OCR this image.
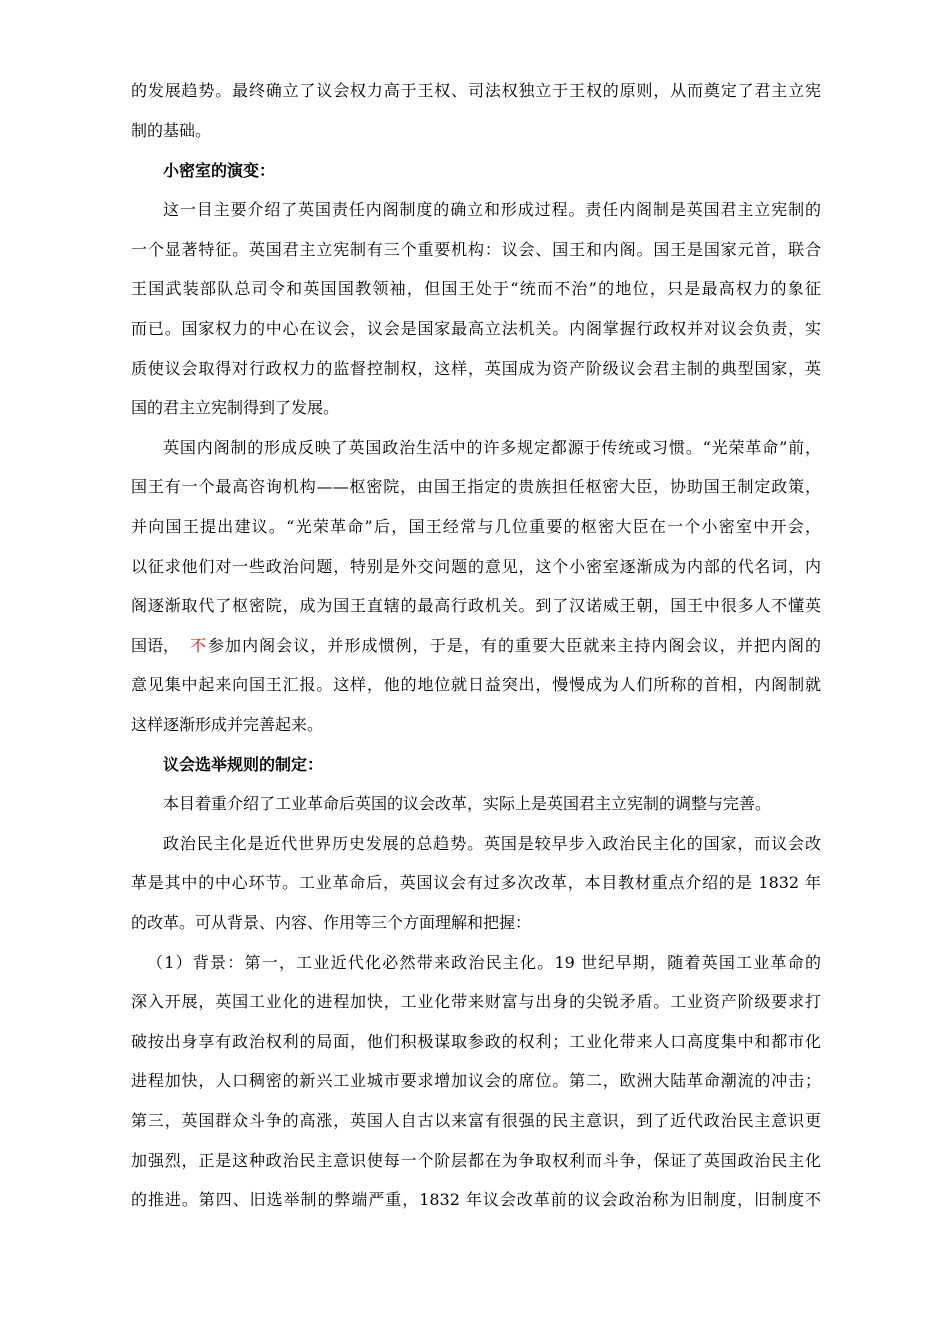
的发展趋势。最终确立了议会权力高于王权、司法权独立于王权的原则，从而奠定了君主立宪
制的基础。
小密室的演变：
这一目主要介绍了英国责任内阁制度的确立和形成过程。责任内阁制是英国君主立宪制的
一个显著特征。英国君主立宪制有三个重要机构：议会、国王和内阁。国王是国家元首，联合
王国武装部队总司令和英国国教领袖，但国王处于“统而不治”的地位，只是最高权力的象征
而已。国家权力的中心在议会，议会是国家最高立法机关。内阁掌握行政权并对议会负责，实
质使议会取得对行政权力的监督控制权，这样，英国成为资产阶级议会君主制的典型国家，英
国的君主立宪制得到了发展。
英国内阁制的形成反映了英国政治生活中的许多规定都源于传统或习惯。“光荣革命”前，
国王有一个最高咨询机构——枢密院，由国王指定的贵族担任枢密大臣，协助国王制定政策，
并向国王提出建议。“光荣革命”后，国王经常与几位重要的枢密大臣在一个小密室中开会，
以征求他们对一些政治问题，特别是外交问题的意见，这个小密室逐渐成为内部的代名词，内
阁逐渐取代了枢密院，成为国王直辖的最高行政机关。到了汉诺威王朝，国王中很多人不懂英
国语， 不 参加内阁会议，并形成惯例，于是，有的重要大臣就来主持内阁会议，并把内阁的
意见集中起来向国王汇报。这样，他的地位就日益突出，慢慢成为人们所称的首相，内阁制就
这样逐渐形成并完善起来。
议会选举规则的制定：
本目着重介绍了工业革命后英国的议会改革，实际上是英国君主立宪制的调整与完善。
政治民主化是近代世界历史发展的总趋势。英国是较早步入政治民主化的国家，而议会改
革是其中的中心环节。工业革命后，英国议会有过多次改革，本目教材重点介绍的是 1832 年
的改革。可从背景、内容、作用等三个方面理解和把握：
（1）背景：第一，工业近代化必然带来政治民主化。19 世纪早期，随着英国工业革命的
深入开展，英国工业化的进程加快，工业化带来财富与出身的尖锐矛盾。工业资产阶级要求打
破按出身享有政治权利的局面，他们积极谋取参政的权利；工业化带来人口高度集中和都市化
进程加快，人口稠密的新兴工业城市要求增加议会的席位。第二，欧洲大陆革命潮流的冲击；
第三，英国群众斗争的高涨，英国人自古以来富有很强的民主意识，到了近代政治民主意识更
加强烈，正是这种政治民主意识使每一个阶层都在为争取权利而斗争，保证了英国政治民主化
的推进。第四、旧选举制的弊端严重，1832 年议会改革前的议会政治称为旧制度，旧制度不
